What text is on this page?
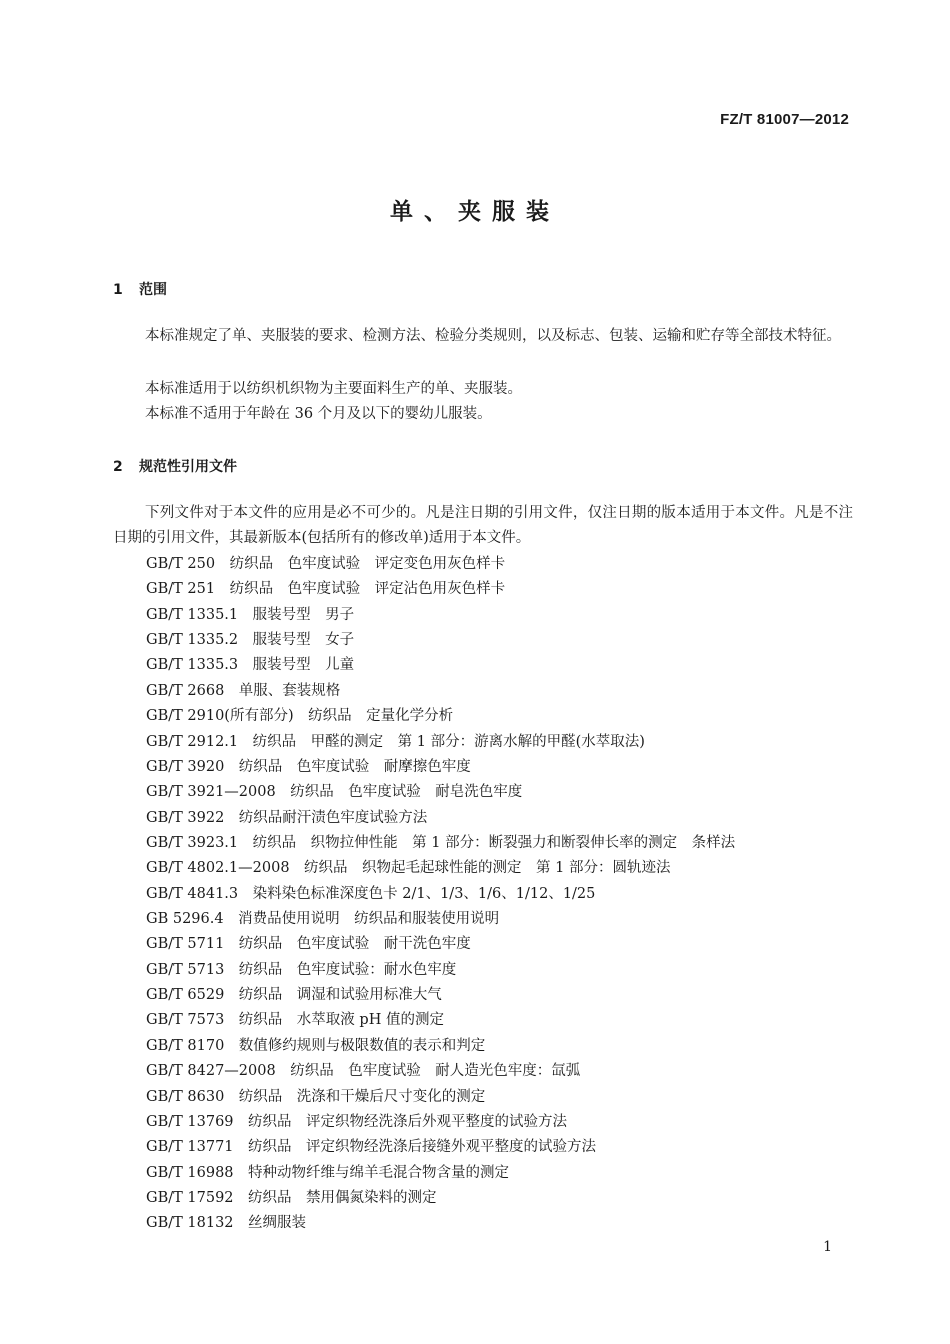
FZ/T 81007—2012
单、夹服装
1 范围

本标准规定了单、夹服装的要求、检测方法、检验分类规则，以及标志、包装、运输和贮存等全部技术特征。

本标准适用于以纺织机织物为主要面料生产的单、夹服装。

本标准不适用于年龄在 36 个月及以下的婴幼儿服装。

2 规范性引用文件

下列文件对于本文件的应用是必不可少的。凡是注日期的引用文件，仅注日期的版本适用于本文件。凡是不注日期的引用文件，其最新版本(包括所有的修改单)适用于本文件。

GB/T 250　纺织品　色牢度试验　评定变色用灰色样卡
GB/T 251　纺织品　色牢度试验　评定沾色用灰色样卡
GB/T 1335.1　服装号型　男子
GB/T 1335.2　服装号型　女子
GB/T 1335.3　服装号型　儿童
GB/T 2668　单服、套装规格
GB/T 2910(所有部分)　纺织品　定量化学分析
GB/T 2912.1　纺织品　甲醛的测定　第 1 部分：游离水解的甲醛(水萃取法)
GB/T 3920　纺织品　色牢度试验　耐摩擦色牢度
GB/T 3921—2008　纺织品　色牢度试验　耐皂洗色牢度
GB/T 3922　纺织品耐汗渍色牢度试验方法
GB/T 3923.1　纺织品　织物拉伸性能　第 1 部分：断裂强力和断裂伸长率的测定　条样法
GB/T 4802.1—2008　纺织品　织物起毛起球性能的测定　第 1 部分：圆轨迹法
GB/T 4841.3　染料染色标准深度色卡 2/1、1/3、1/6、1/12、1/25
GB 5296.4　消费品使用说明　纺织品和服装使用说明
GB/T 5711　纺织品　色牢度试验　耐干洗色牢度
GB/T 5713　纺织品　色牢度试验：耐水色牢度
GB/T 6529　纺织品　调湿和试验用标准大气
GB/T 7573　纺织品　水萃取液 pH 值的测定
GB/T 8170　数值修约规则与极限数值的表示和判定
GB/T 8427—2008　纺织品　色牢度试验　耐人造光色牢度：氙弧
GB/T 8630　纺织品　洗涤和干燥后尺寸变化的测定
GB/T 13769　纺织品　评定织物经洗涤后外观平整度的试验方法
GB/T 13771　纺织品　评定织物经洗涤后接缝外观平整度的试验方法
GB/T 16988　特种动物纤维与绵羊毛混合物含量的测定
GB/T 17592　纺织品　禁用偶氮染料的测定
GB/T 18132　丝绸服装
1
